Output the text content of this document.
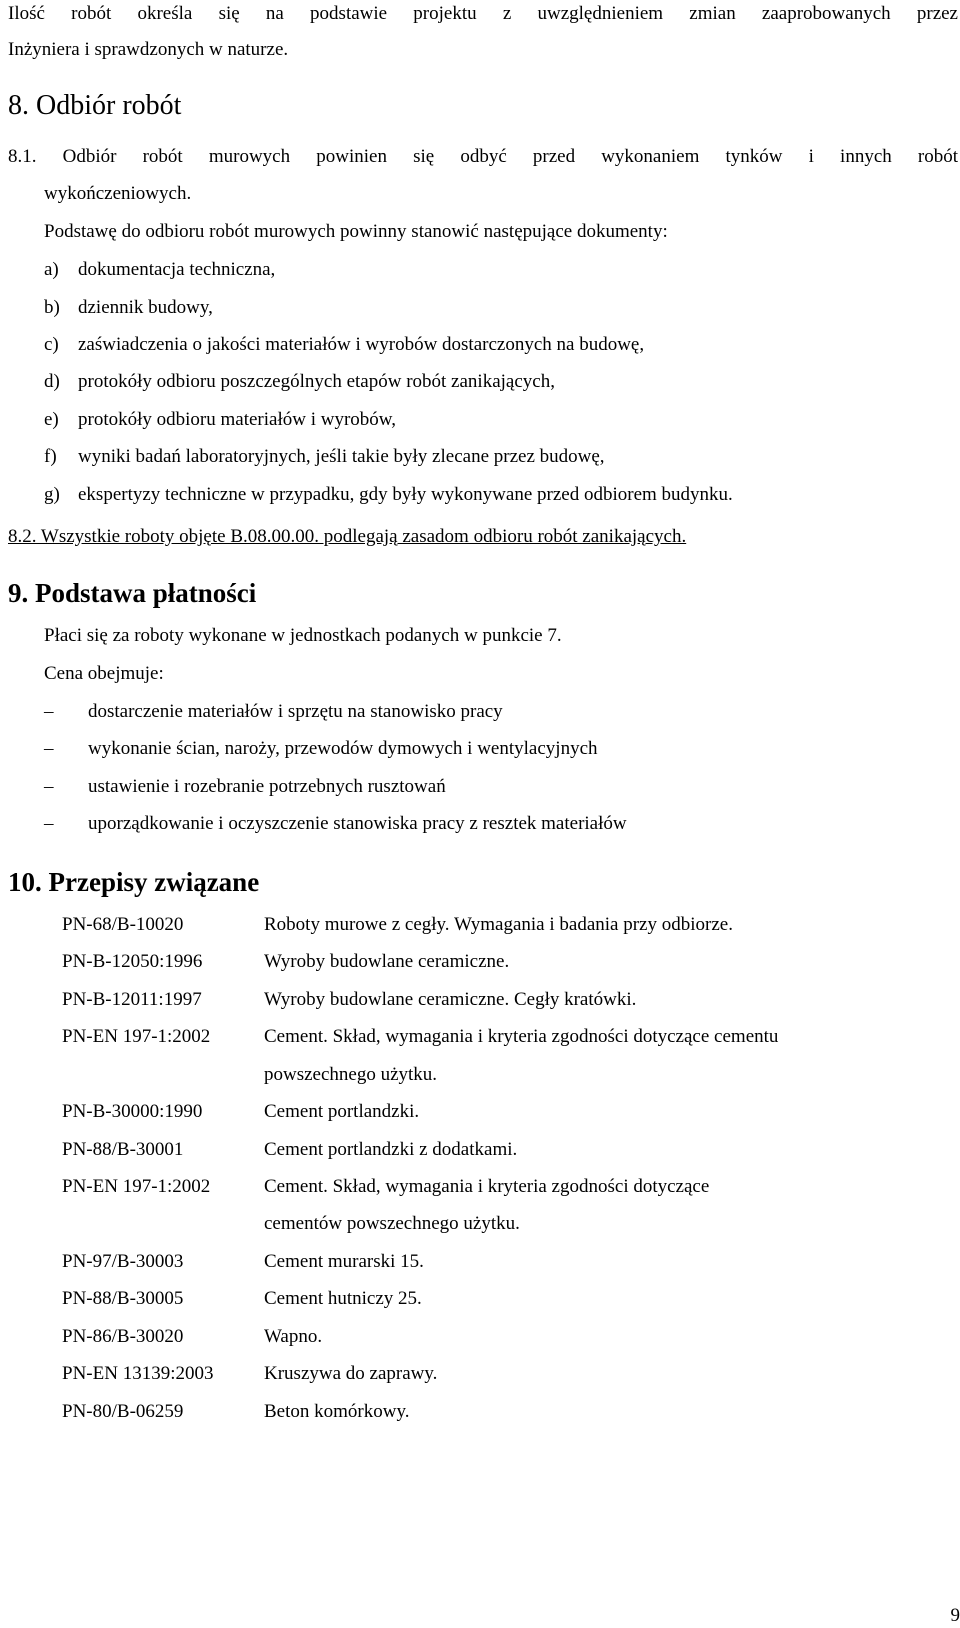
Ilość robót określa się na podstawie projektu z uwzględnieniem zmian zaaprobowanych przez
Inżyniera i sprawdzonych w naturze.
8. Odbiór robót
8.1. Odbiór robót murowych powinien się odbyć przed wykonaniem tynków i innych robót
wykończeniowych.
Podstawę do odbioru robót murowych powinny stanowić następujące dokumenty:
a) dokumentacja techniczna,
b) dziennik budowy,
c) zaświadczenia o jakości materiałów i wyrobów dostarczonych na budowę,
d) protokóły odbioru poszczególnych etapów robót zanikających,
e) protokóły odbioru materiałów i wyrobów,
f) wyniki badań laboratoryjnych, jeśli takie były zlecane przez budowę,
g) ekspertyzy techniczne w przypadku, gdy były wykonywane przed odbiorem budynku.
8.2. Wszystkie roboty objęte B.08.00.00. podlegają zasadom odbioru robót zanikających.
9. Podstawa płatności
Płaci się za roboty wykonane w jednostkach podanych w punkcie 7.
Cena obejmuje:
– dostarczenie materiałów i sprzętu na stanowisko pracy
– wykonanie ścian, naroży, przewodów dymowych i wentylacyjnych
– ustawienie i rozebranie potrzebnych rusztowań
– uporządkowanie i oczyszczenie stanowiska pracy z resztek materiałów
10. Przepisy związane
PN-68/B-10020	Roboty murowe z cegły. Wymagania i badania przy odbiorze.
PN-B-12050:1996	Wyroby budowlane ceramiczne.
PN-B-12011:1997	Wyroby budowlane ceramiczne. Cegły kratówki.
PN-EN 197-1:2002	Cement. Skład, wymagania i kryteria zgodności dotyczące cementu
powszechnego użytku.
PN-B-30000:1990	Cement portlandzki.
PN-88/B-30001	Cement portlandzki z dodatkami.
PN-EN 197-1:2002	Cement. Skład, wymagania i kryteria zgodności dotyczące
cementów powszechnego użytku.
PN-97/B-30003	Cement murarski 15.
PN-88/B-30005	Cement hutniczy 25.
PN-86/B-30020	Wapno.
PN-EN 13139:2003	Kruszywa do zaprawy.
PN-80/B-06259	Beton komórkowy.
9
